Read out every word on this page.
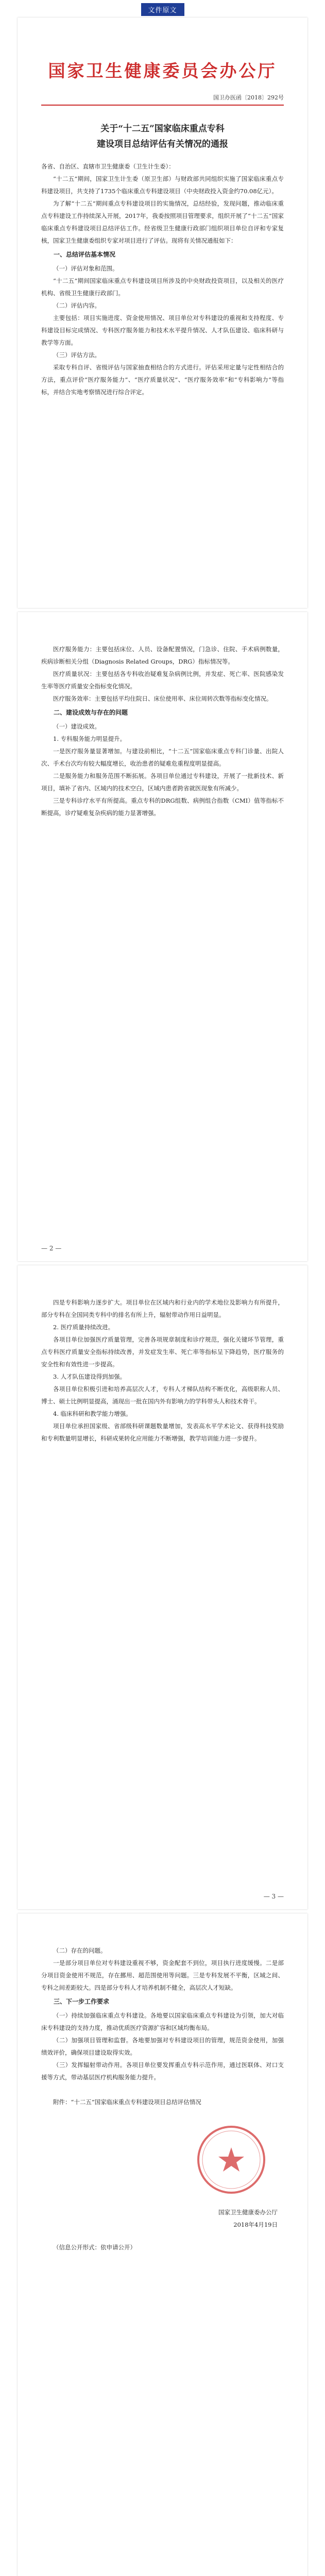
文件原文
国家卫生健康委员会办公厅
国卫办医函〔2018〕292号
关于“十二五”国家临床重点专科
建设项目总结评估有关情况的通报
各省、自治区、直辖市卫生健康委（卫生计生委）：

“十二五”期间，国家卫生计生委（原卫生部）与财政部共同组织实施了国家临床重点专科建设项目，共支持了1735个临床重点专科建设项目（中央财政投入资金约70.08亿元）。

为了解“十二五”期间重点专科建设项目的实施情况，总结经验，发现问题，推动临床重点专科建设工作持续深入开展，2017年，我委按照项目管理要求，组织开展了“十二五”国家临床重点专科建设项目总结评估工作。经省级卫生健康行政部门组织项目单位自评和专家复核，国家卫生健康委组织专家对项目进行了评估。现将有关情况通报如下：

一、总结评估基本情况
（一）评估对象和范围。

“十二五”期间国家临床重点专科建设项目所涉及的中央财政投资项目，以及相关的医疗机构、省级卫生健康行政部门。

（二）评估内容。

主要包括：项目实施进度、资金使用情况、项目单位对专科建设的重视和支持程度、专科建设目标完成情况、专科医疗服务能力和技术水平提升情况、人才队伍建设、临床科研与教学等方面。

（三）评估方法。

采取专科自评、省级评估与国家抽查相结合的方式进行。评估采用定量与定性相结合的方法，重点评价“医疗服务能力”、“医疗质量状况”、“医疗服务效率”和“专科影响力”等指标，并结合实地考察情况进行综合评定。

医疗服务能力：主要包括床位、人员、设备配置情况，门急诊、住院、手术病例数量，疾病诊断相关分组（Diagnosis Related Groups，DRG）指标情况等。

医疗质量状况：主要包括各专科收治疑难复杂病例比例，并发症、死亡率、医院感染发生率等医疗质量安全指标变化情况。

医疗服务效率：主要包括平均住院日、床位使用率、床位周转次数等指标变化情况。

二、建设成效与存在的问题
（一）建设成效。
1. 专科服务能力明显提升。

一是医疗服务量显著增加。与建设前相比，“十二五”国家临床重点专科门诊量、出院人次、手术台次均有较大幅度增长，收治患者的疑难危重程度明显提高。

二是服务能力和服务范围不断拓展。各项目单位通过专科建设，开展了一批新技术、新项目，填补了省内、区域内的技术空白，区域内患者跨省就医现象有所减少。

三是专科诊疗水平有所提高。重点专科的DRG组数、病例组合指数（CMI）值等指标不断提高，诊疗疑难复杂疾病的能力显著增强。

— 2 —

四是专科影响力逐步扩大。项目单位在区域内和行业内的学术地位及影响力有所提升，部分专科在全国同类专科中的排名有所上升，辐射带动作用日益明显。

2. 医疗质量持续改进。

各项目单位加强医疗质量管理，完善各项规章制度和诊疗规范，强化关键环节管理，重点专科医疗质量安全指标持续改善，并发症发生率、死亡率等指标呈下降趋势，医疗服务的安全性和有效性进一步提高。

3. 人才队伍建设得到加强。

各项目单位积极引进和培养高层次人才，专科人才梯队结构不断优化，高级职称人员、博士、硕士比例明显提高，涌现出一批在国内外有影响力的学科带头人和技术骨干。

4. 临床科研和教学能力增强。

项目单位承担国家级、省部级科研课题数量增加，发表高水平学术论文、获得科技奖励和专利数量明显增长，科研成果转化应用能力不断增强，教学培训能力进一步提升。

— 3 —
（二）存在的问题。

一是部分项目单位对专科建设重视不够，资金配套不到位，项目执行进度缓慢。二是部分项目资金使用不规范，存在挪用、超范围使用等问题。三是专科发展不平衡，区域之间、专科之间差距较大。四是部分专科人才培养机制不健全，高层次人才短缺。

三、下一步工作要求

（一）持续加强临床重点专科建设。各地要以国家临床重点专科建设为引领，加大对临床专科建设的支持力度，推动优质医疗资源扩容和区域均衡布局。

（二）加强项目管理和监督。各地要加强对专科建设项目的管理，规范资金使用，加强绩效评价，确保项目建设取得实效。

（三）发挥辐射带动作用。各项目单位要发挥重点专科示范作用，通过医联体、对口支援等方式，带动基层医疗机构服务能力提升。

附件：“十二五”国家临床重点专科建设项目总结评估情况

国家卫生健康委办公厅
2018年4月19日
（信息公开形式：依申请公开）
